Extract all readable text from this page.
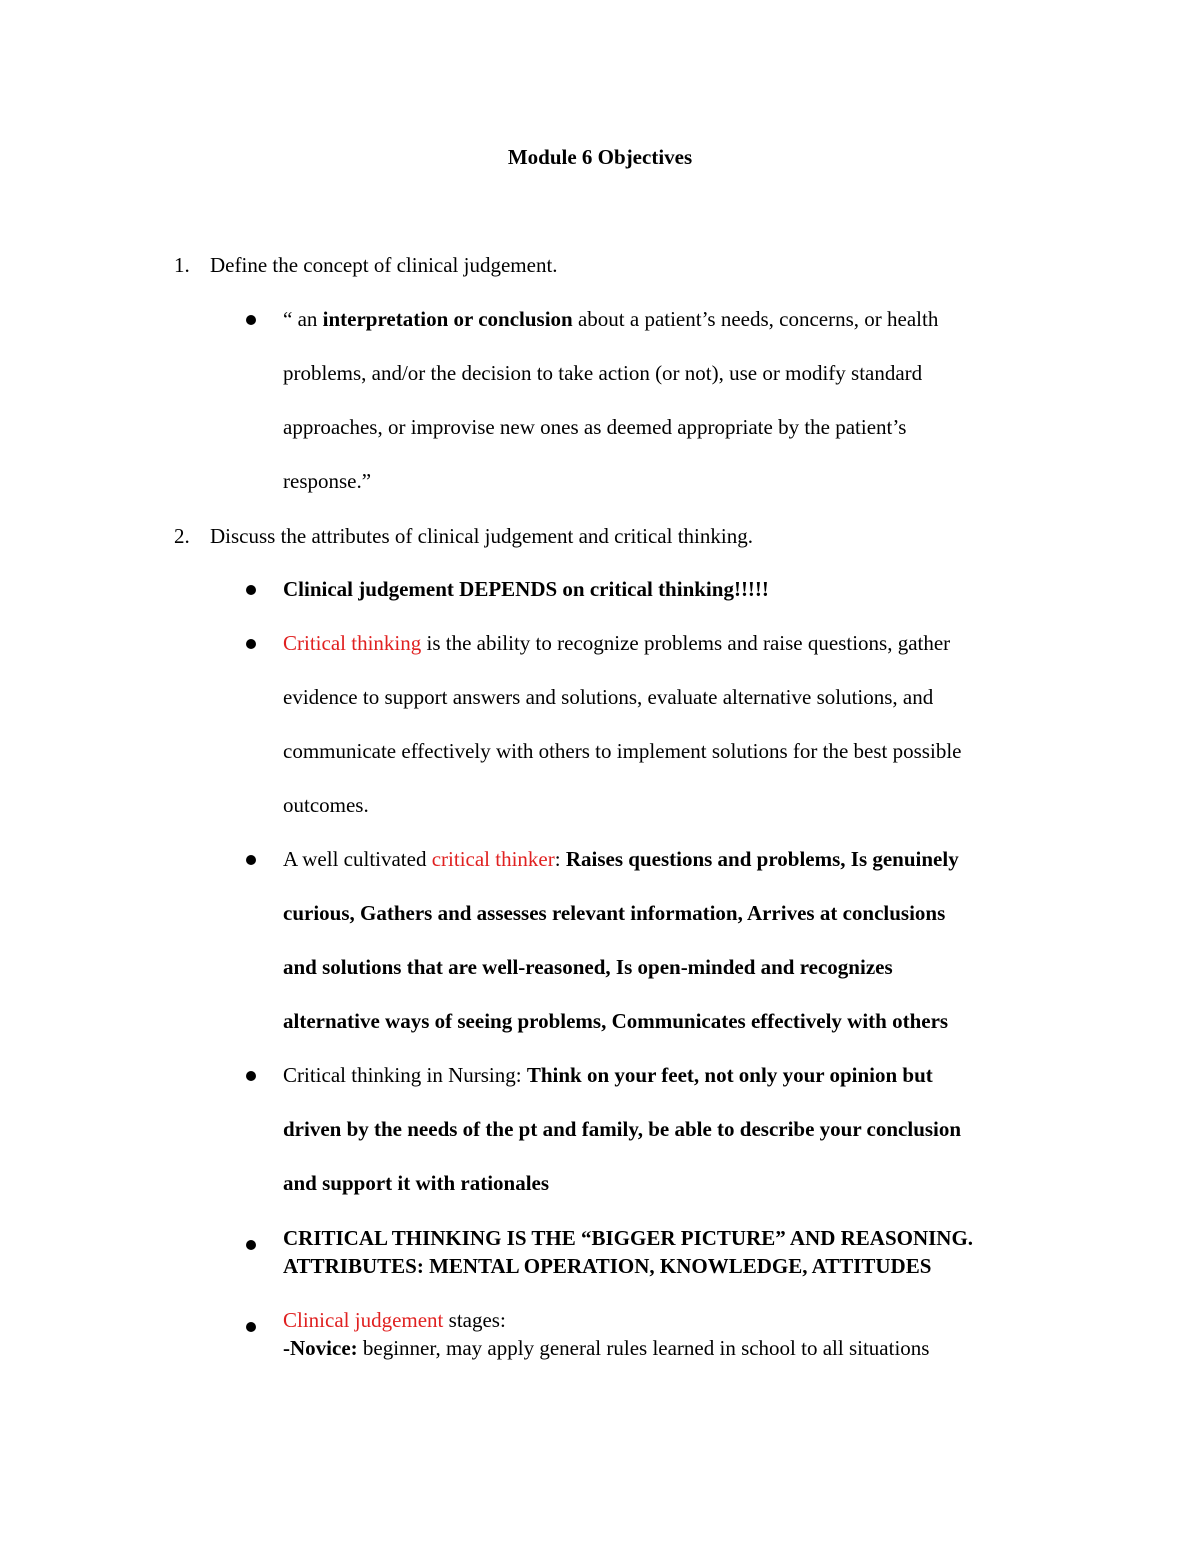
Module 6 Objectives
1. Define the concept of clinical judgement.
“ an interpretation or conclusion about a patient’s needs, concerns, or health
problems, and/or the decision to take action (or not), use or modify standard
approaches, or improvise new ones as deemed appropriate by the patient’s
response.”
2. Discuss the attributes of clinical judgement and critical thinking.
Clinical judgement DEPENDS on critical thinking!!!!!
Critical thinking is the ability to recognize problems and raise questions, gather
evidence to support answers and solutions, evaluate alternative solutions, and
communicate effectively with others to implement solutions for the best possible
outcomes.
A well cultivated critical thinker: Raises questions and problems, Is genuinely
curious, Gathers and assesses relevant information, Arrives at conclusions
and solutions that are well-reasoned, Is open-minded and recognizes
alternative ways of seeing problems, Communicates effectively with others
Critical thinking in Nursing: Think on your feet, not only your opinion but
driven by the needs of the pt and family, be able to describe your conclusion
and support it with rationales
CRITICAL THINKING IS THE “BIGGER PICTURE” AND REASONING.
ATTRIBUTES: MENTAL OPERATION, KNOWLEDGE, ATTITUDES
Clinical judgement stages:
-Novice: beginner, may apply general rules learned in school to all situations
